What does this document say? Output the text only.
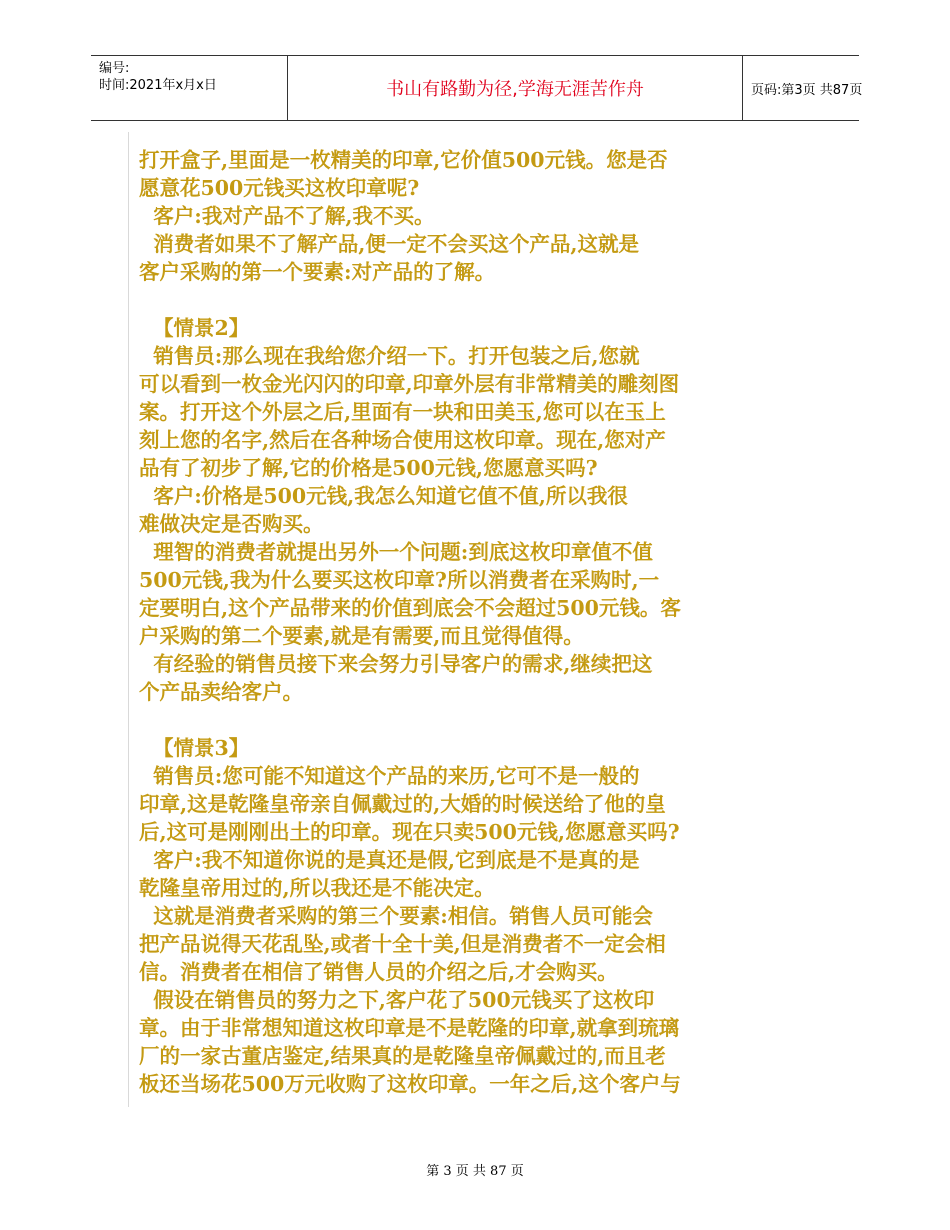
编号:
时间:2021年x月x日	书山有路勤为径,学海无涯苦作舟	页码:第3页 共87页
打开盒子,里面是一枚精美的印章,它价值500元钱。您是否
愿意花500元钱买这枚印章呢?
客户:我对产品不了解,我不买。
消费者如果不了解产品,便一定不会买这个产品,这就是
客户采购的第一个要素:对产品的了解。
【情景2】
销售员:那么现在我给您介绍一下。打开包装之后,您就
可以看到一枚金光闪闪的印章,印章外层有非常精美的雕刻图
案。打开这个外层之后,里面有一块和田美玉,您可以在玉上
刻上您的名字,然后在各种场合使用这枚印章。现在,您对产
品有了初步了解,它的价格是500元钱,您愿意买吗?
客户:价格是500元钱,我怎么知道它值不值,所以我很
难做决定是否购买。
理智的消费者就提出另外一个问题:到底这枚印章值不值
500元钱,我为什么要买这枚印章?所以消费者在采购时,一
定要明白,这个产品带来的价值到底会不会超过500元钱。客
户采购的第二个要素,就是有需要,而且觉得值得。
有经验的销售员接下来会努力引导客户的需求,继续把这
个产品卖给客户。
【情景3】
销售员:您可能不知道这个产品的来历,它可不是一般的
印章,这是乾隆皇帝亲自佩戴过的,大婚的时候送给了他的皇
后,这可是刚刚出土的印章。现在只卖500元钱,您愿意买吗?
客户:我不知道你说的是真还是假,它到底是不是真的是
乾隆皇帝用过的,所以我还是不能决定。
这就是消费者采购的第三个要素:相信。销售人员可能会
把产品说得天花乱坠,或者十全十美,但是消费者不一定会相
信。消费者在相信了销售人员的介绍之后,才会购买。
假设在销售员的努力之下,客户花了500元钱买了这枚印
章。由于非常想知道这枚印章是不是乾隆的印章,就拿到琉璃
厂的一家古董店鉴定,结果真的是乾隆皇帝佩戴过的,而且老
板还当场花500万元收购了这枚印章。一年之后,这个客户与
第 3 页 共 87 页
